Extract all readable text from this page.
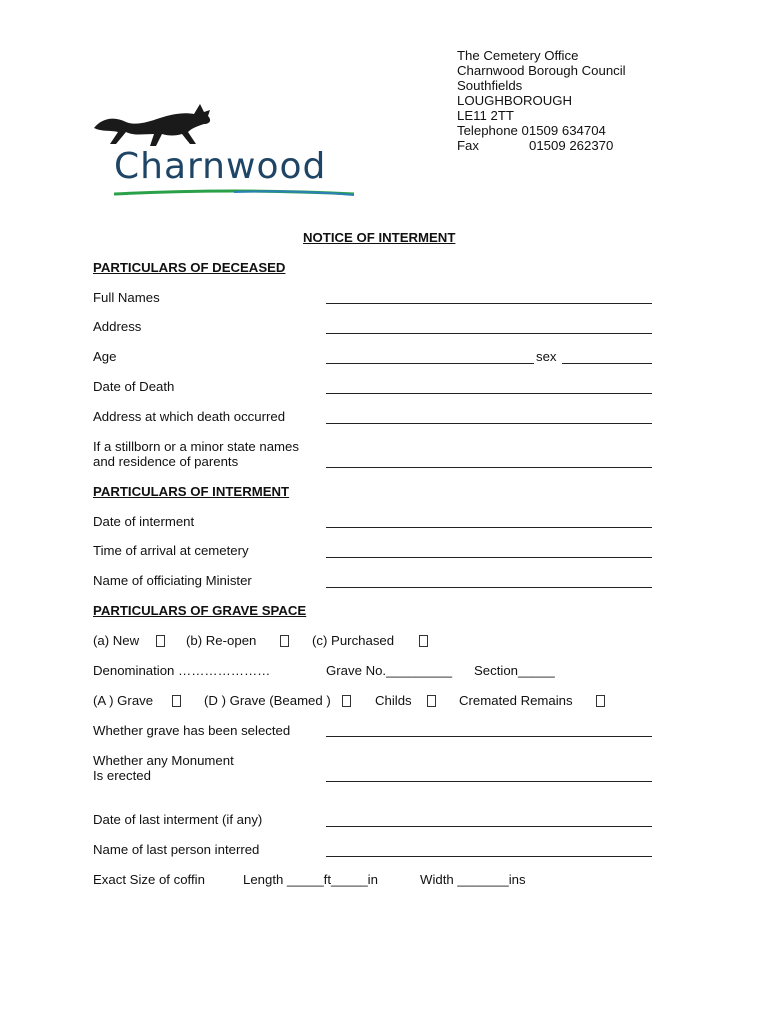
Charnwood
The Cemetery Office
Charnwood Borough Council
Southfields
LOUGHBOROUGH
LE11 2TT
Telephone 01509 634704
Fax	01509 262370
NOTICE OF INTERMENT
PARTICULARS OF DECEASED
Full Names
Address
Age	sex
Date of Death
Address at which death occurred
If a stillborn or a minor state names
and residence of parents
PARTICULARS OF INTERMENT
Date of interment
Time of arrival at cemetery
Name of officiating Minister
PARTICULARS OF GRAVE SPACE
(a) New	(b) Re-open	(c) Purchased
Denomination …………………	Grave No._________ Section_____
(A ) Grave	(D ) Grave (Beamed )	Childs	Cremated Remains
Whether grave has been selected
Whether any Monument
Is erected
Date of last interment (if any)
Name of last person interred
Exact Size of coffin	Length _____ft_____in	Width _______ins
